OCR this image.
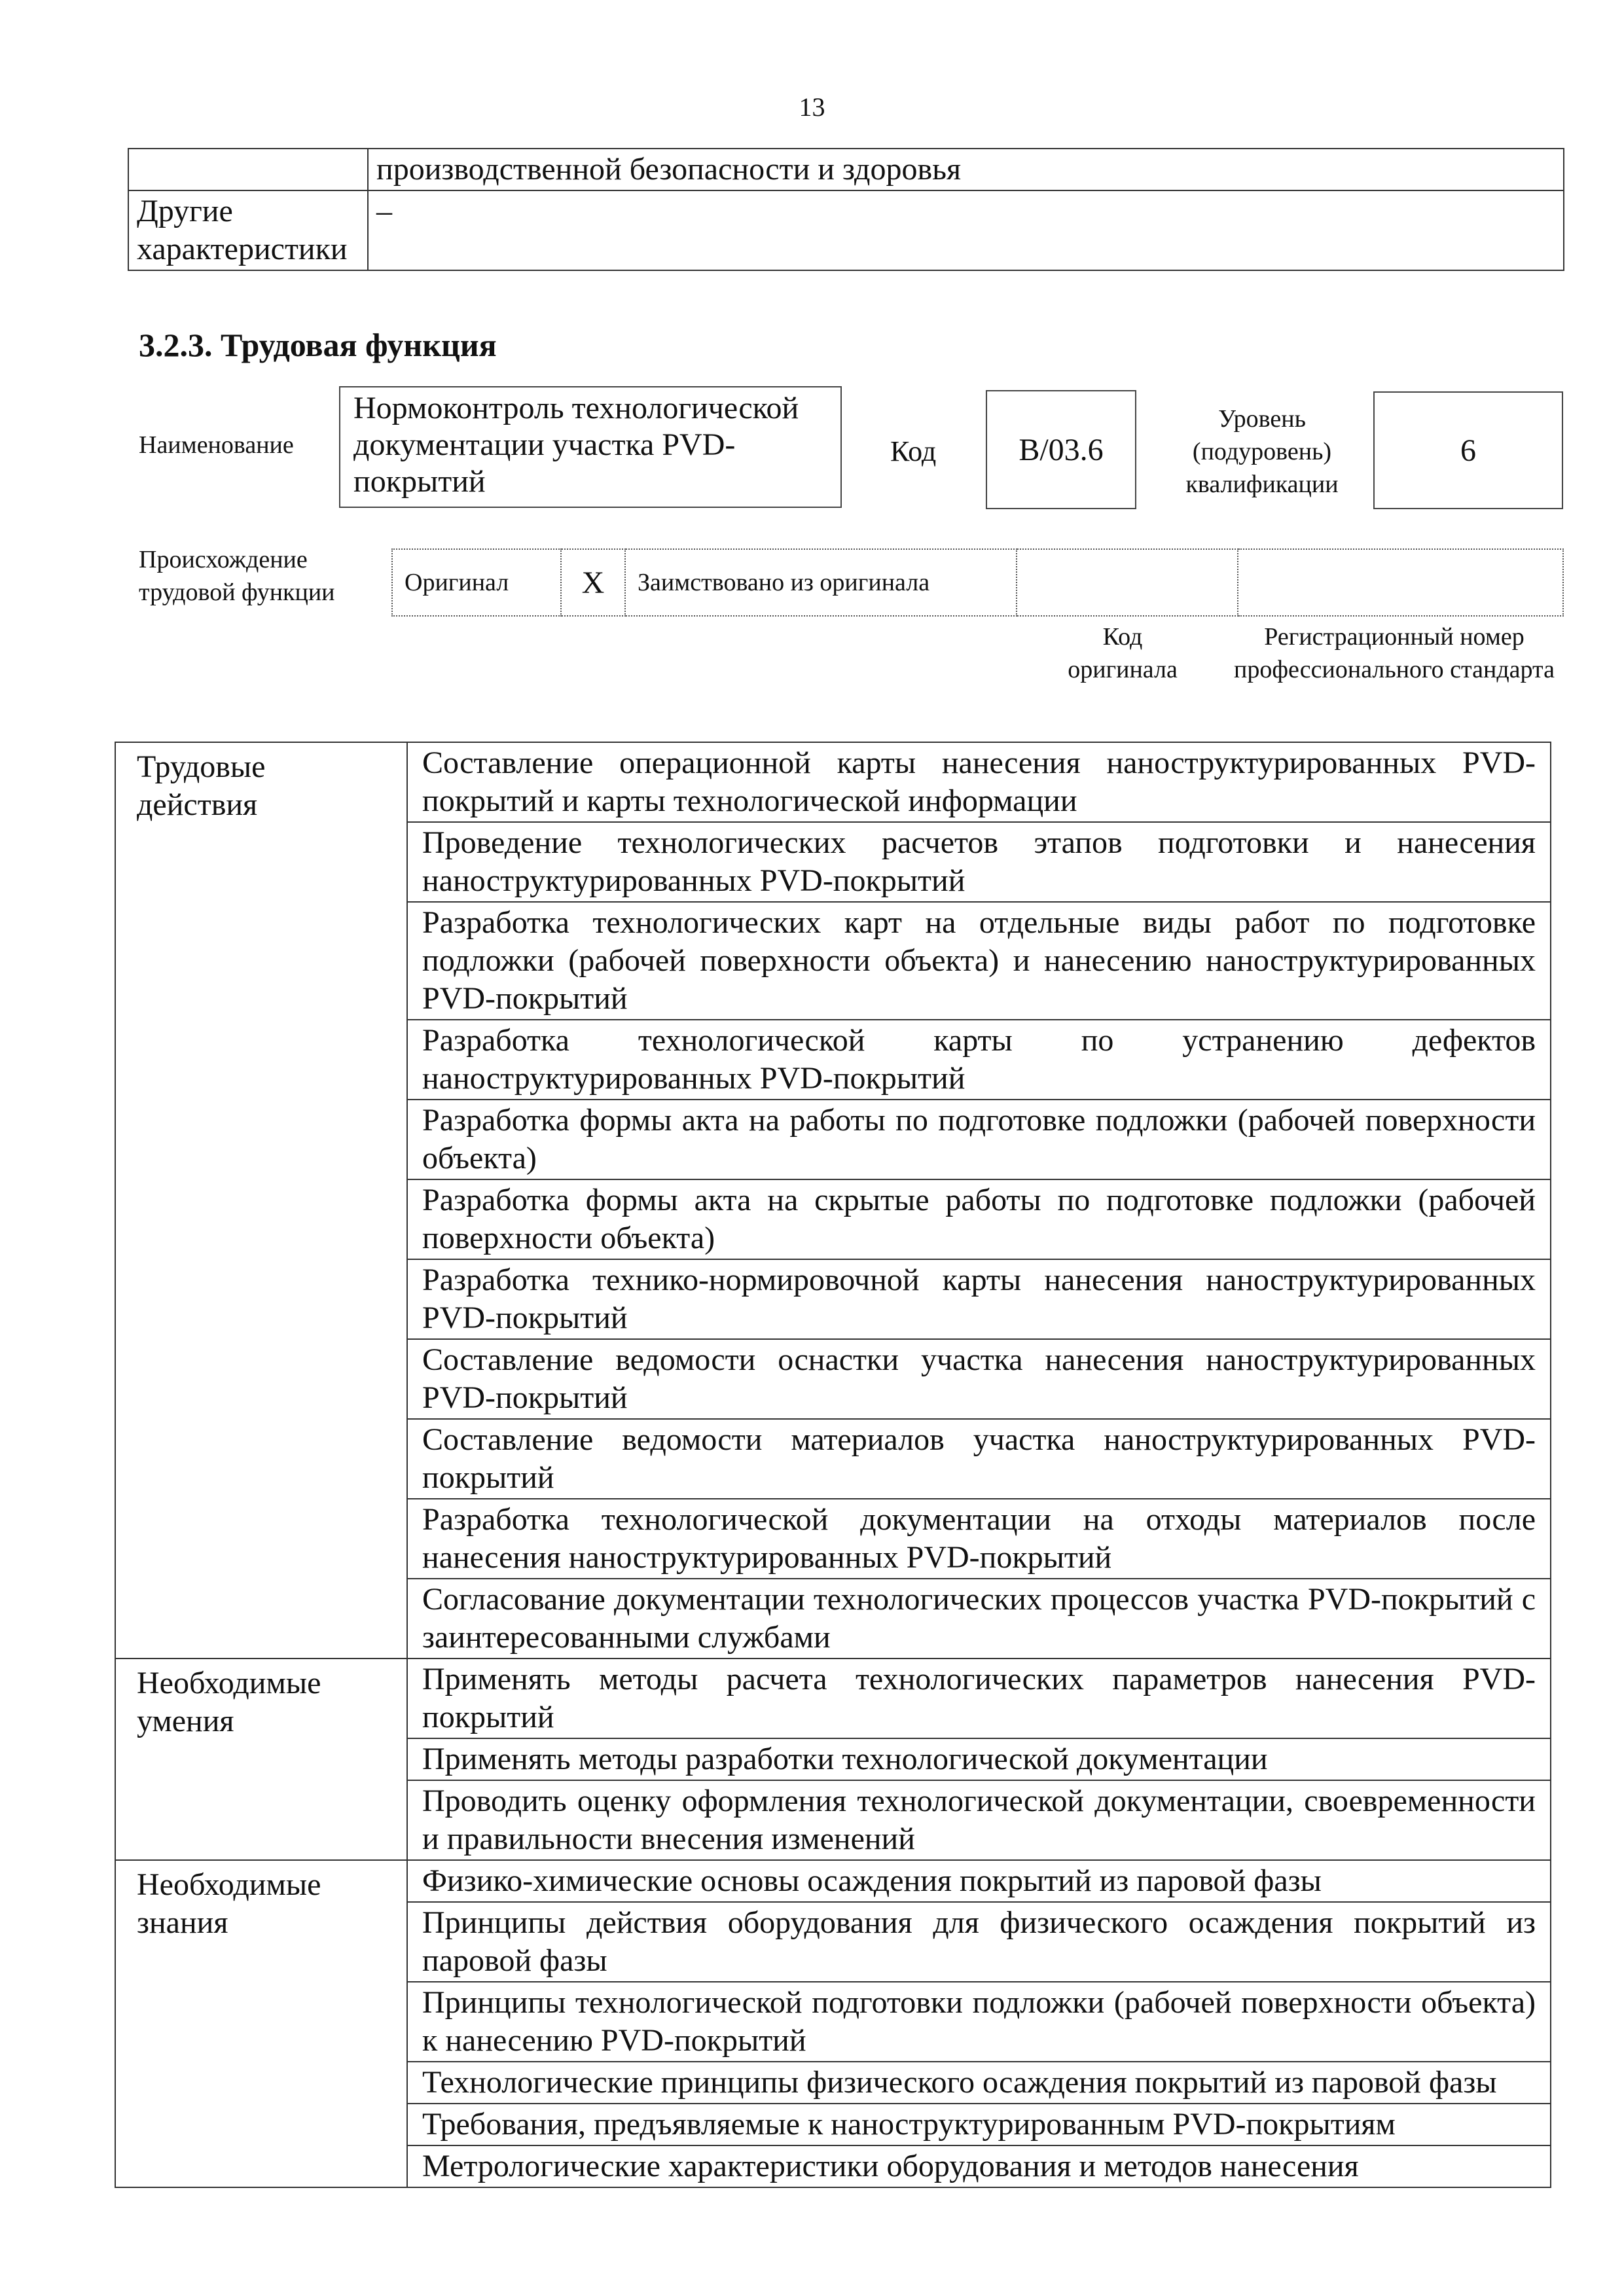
13
	производственной безопасности и здоровья
Другие характеристики	–
3.2.3. Трудовая функция
Наименование
Нормоконтроль технологической документации участка PVD-покрытий
Код	B/03.6
Уровень (подуровень) квалификации
6
Происхождение трудовой функции	Оригинал	X	Заимствовано из оригинала		
Код оригинала
Регистрационный номер профессионального стандарта
Трудовые действия	Составление операционной карты нанесения наноструктурированных PVD-покрытий и карты технологической информации
	Проведение технологических расчетов этапов подготовки и нанесения наноструктурированных PVD-покрытий
	Разработка технологических карт на отдельные виды работ по подготовке подложки (рабочей поверхности объекта) и нанесению наноструктурированных PVD-покрытий
	Разработка технологической карты по устранению дефектов наноструктурированных PVD-покрытий
	Разработка формы акта на работы по подготовке подложки (рабочей поверхности объекта)
	Разработка формы акта на скрытые работы по подготовке подложки (рабочей поверхности объекта)
	Разработка технико-нормировочной карты нанесения наноструктурированных PVD-покрытий
	Составление ведомости оснастки участка нанесения наноструктурированных PVD-покрытий
	Составление ведомости материалов участка наноструктурированных PVD-покрытий
	Разработка технологической документации на отходы материалов после нанесения наноструктурированных PVD-покрытий
	Согласование документации технологических процессов участка PVD-покрытий с заинтересованными службами
Необходимые умения	Применять методы расчета технологических параметров нанесения PVD-покрытий
	Применять методы разработки технологической документации
	Проводить оценку оформления технологической документации, своевременности и правильности внесения изменений
Необходимые знания	Физико-химические основы осаждения покрытий из паровой фазы
	Принципы действия оборудования для физического осаждения покрытий из паровой фазы
	Принципы технологической подготовки подложки (рабочей поверхности объекта) к нанесению PVD-покрытий
	Технологические принципы физического осаждения покрытий из паровой фазы
	Требования, предъявляемые к наноструктурированным PVD-покрытиям
	Метрологические характеристики оборудования и методов нанесения
